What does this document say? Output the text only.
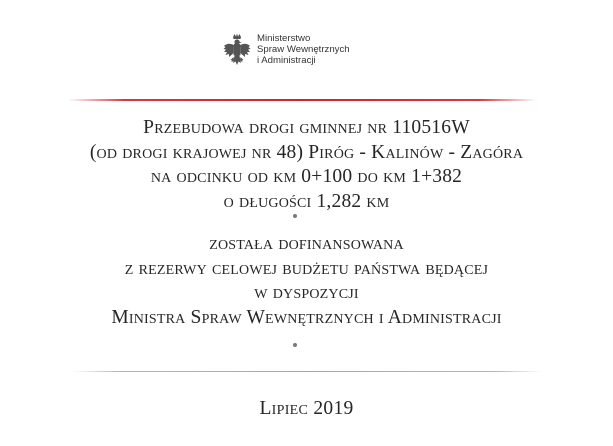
Ministerstwo
Spraw Wewnętrznych
i Administracji
Przebudowa drogi gminnej nr 110516W
(od drogi krajowej nr 48) Piróg - Kalinów - Zagóra
na odcinku od km 0+100 do km 1+382
o długości 1,282 km
została dofinansowana
z rezerwy celowej budżetu państwa będącej
w dyspozycji
Ministra Spraw Wewnętrznych i Administracji
Lipiec 2019
